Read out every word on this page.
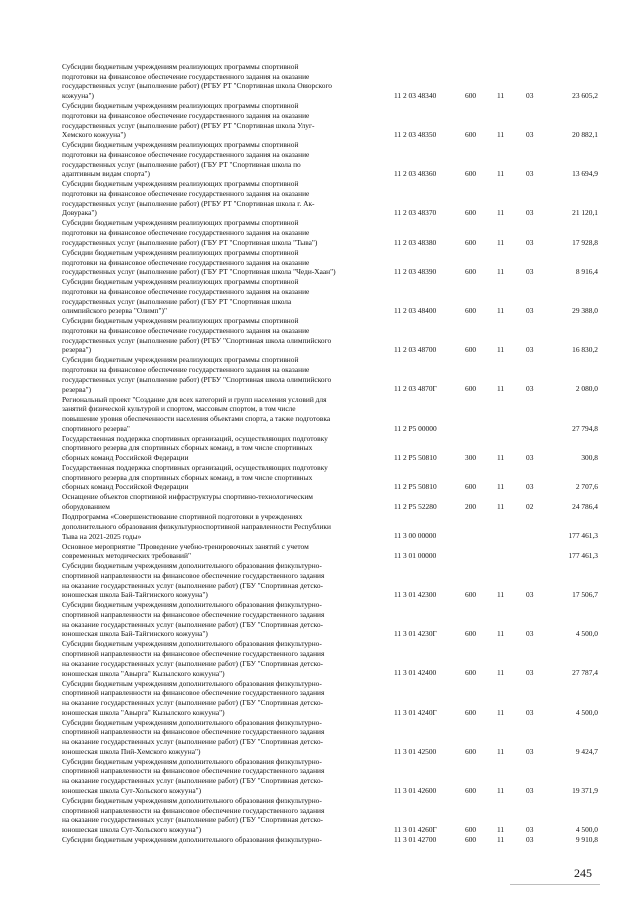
Субсидии бюджетным учреждениям реализующих программы спортивной
подготовки на финансовое обеспечение государственного задания на оказание
государственных услуг (выполнение работ) (РГБУ РТ "Спортивная школа Овюрского
кожууна")	11 2 03 48340	600	11	03	23 605,2
Субсидии бюджетным учреждениям реализующих программы спортивной
подготовки на финансовое обеспечение государственного задания на оказание
государственных услуг (выполнение работ) (РГБУ РТ "Спортивная школа Улуг-
Хемского кожууна")	11 2 03 48350	600	11	03	20 882,1
Субсидии бюджетным учреждениям реализующих программы спортивной
подготовки на финансовое обеспечение государственного задания на оказание
государственных услуг (выполнение работ) (ГБУ РТ "Спортивная школа по
адаптивным видам спорта")	11 2 03 48360	600	11	03	13 694,9
Субсидии бюджетным учреждениям реализующих программы спортивной
подготовки на финансовое обеспечение государственного задания на оказание
государственных услуг (выполнение работ) (РГБУ РТ "Спортивная школа г. Ак-
Довурака")	11 2 03 48370	600	11	03	21 120,1
Субсидии бюджетным учреждениям реализующих программы спортивной
подготовки на финансовое обеспечение государственного задания на оказание
государственных услуг (выполнение работ) (ГБУ РТ "Спортивная школа "Тыва")	11 2 03 48380	600	11	03	17 928,8
Субсидии бюджетным учреждениям реализующих программы спортивной
подготовки на финансовое обеспечение государственного задания на оказание
государственных услуг (выполнение работ) (ГБУ РТ "Спортивная школа "Чеди-Хаан")	11 2 03 48390	600	11	03	8 916,4
Субсидии бюджетным учреждениям реализующих программы спортивной
подготовки на финансовое обеспечение государственного задания на оказание
государственных услуг (выполнение работ) (ГБУ РТ "Спортивная школа
олимпийского резерва "Олимп")"	11 2 03 48400	600	11	03	29 388,0
Субсидии бюджетным учреждениям реализующих программы спортивной
подготовки на финансовое обеспечение государственного задания на оказание
государственных услуг (выполнение работ) (РГБУ "Спортивная школа олимпийского
резерва")	11 2 03 48700	600	11	03	16 830,2
Субсидии бюджетным учреждениям реализующих программы спортивной
подготовки на финансовое обеспечение государственного задания на оказание
государственных услуг (выполнение работ) (РГБУ "Спортивная школа олимпийского
резерва")	11 2 03 4870Г	600	11	03	2 080,0
Региональный проект "Создание для всех категорий и групп населения условий для
занятий физической культурой и спортом, массовым спортом, в том числе
повышение уровня обеспеченности населения объектами спорта, а также подготовка
спортивного резерва"	11 2 P5 00000	27 794,8
Государственная поддержка спортивных организаций, осуществляющих подготовку
спортивного резерва для спортивных сборных команд, в том числе спортивных
сборных команд Российской Федерации	11 2 P5 50810	300	11	03	300,8
Государственная поддержка спортивных организаций, осуществляющих подготовку
спортивного резерва для спортивных сборных команд, в том числе спортивных
сборных команд Российской Федерации	11 2 P5 50810	600	11	03	2 707,6
Оснащение объектов спортивной инфраструктуры спортивно-технологическим
оборудованием	11 2 P5 52280	200	11	02	24 786,4
Подпрограмма «Совершенствование спортивной подготовки в учреждениях
дополнительного образования физкультурноспортивной направленности Республики
Тыва на 2021-2025 годы»	11 3 00 00000	177 461,3
Основное мероприятие "Проведение учебно-тренировочных занятий с учетом
современных методических требований"	11 3 01 00000	177 461,3
Субсидии бюджетным учреждениям дополнительного образования физкультурно-
спортивной направленности на финансовое обеспечение государственного задания
на оказание государственных услуг (выполнение работ) (ГБУ "Спортивная детско-
юношеская школа Бай-Тайгинского кожууна")	11 3 01 42300	600	11	03	17 506,7
Субсидии бюджетным учреждениям дополнительного образования физкультурно-
спортивной направленности на финансовое обеспечение государственного задания
на оказание государственных услуг (выполнение работ) (ГБУ "Спортивная детско-
юношеская школа Бай-Тайгинского кожууна")	11 3 01 4230Г	600	11	03	4 500,0
Субсидии бюджетным учреждениям дополнительного образования физкультурно-
спортивной направленности на финансовое обеспечение государственного задания
на оказание государственных услуг (выполнение работ) (ГБУ "Спортивная детско-
юношеская школа "Авырга" Кызылского кожууна")	11 3 01 42400	600	11	03	27 787,4
Субсидии бюджетным учреждениям дополнительного образования физкультурно-
спортивной направленности на финансовое обеспечение государственного задания
на оказание государственных услуг (выполнение работ) (ГБУ "Спортивная детско-
юношеская школа "Авырга" Кызылского кожууна")	11 3 01 4240Г	600	11	03	4 500,0
Субсидии бюджетным учреждениям дополнительного образования физкультурно-
спортивной направленности на финансовое обеспечение государственного задания
на оказание государственных услуг (выполнение работ) (ГБУ "Спортивная детско-
юношеская школа Пий-Хемского кожууна")	11 3 01 42500	600	11	03	9 424,7
Субсидии бюджетным учреждениям дополнительного образования физкультурно-
спортивной направленности на финансовое обеспечение государственного задания
на оказание государственных услуг (выполнение работ) (ГБУ "Спортивная детско-
юношеская школа Сут-Хольского кожууна")	11 3 01 42600	600	11	03	19 371,9
Субсидии бюджетным учреждениям дополнительного образования физкультурно-
спортивной направленности на финансовое обеспечение государственного задания
на оказание государственных услуг (выполнение работ) (ГБУ "Спортивная детско-
юношеская школа Сут-Хольского кожууна")	11 3 01 4260Г	600	11	03	4 500,0
Субсидии бюджетным учреждениям дополнительного образования физкультурно-	11 3 01 42700	600	11	03	9 910,8
245
